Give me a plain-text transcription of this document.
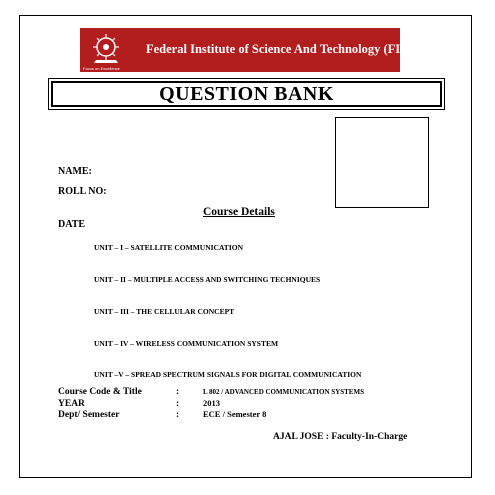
Focus on Excellence
Federal Institute of Science And Technology (FISAT)™
QUESTION BANK
NAME:
ROLL NO:
Course Details
DATE
UNIT – I – SATELLITE COMMUNICATION
UNIT – II – MULTIPLE ACCESS AND SWITCHING TECHNIQUES
UNIT – III – THE CELLULAR CONCEPT
UNIT – IV – WIRELESS COMMUNICATION SYSTEM
UNIT –V – SPREAD SPECTRUM SIGNALS FOR DIGITAL COMMUNICATION
Course Code & Title	:	L 802 / ADVANCED COMMUNICATION SYSTEMS
YEAR	:	2013
Dept/ Semester	:	ECE / Semester 8
AJAL JOSE : Faculty-In-Charge
